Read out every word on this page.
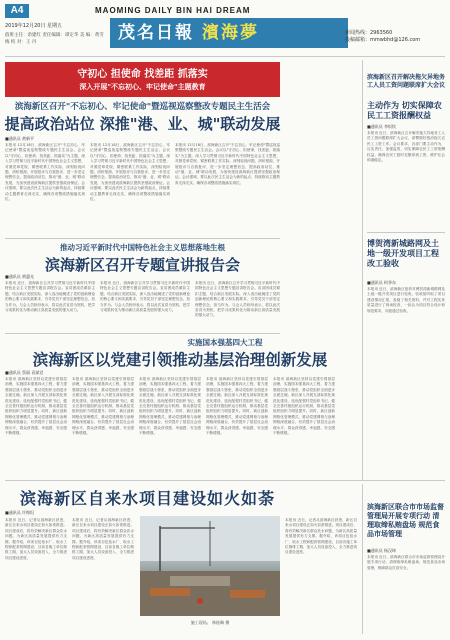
A4	MAOMING DAILY BIN HAI DREAM
茂名日報 濱海夢
2019年12月20日 星期五
值班主任：余建红 责任编辑：谭定华 美 编：黄雪梅 校 对：王 丹
新闻热线：2963560
投稿邮箱：mmwbhd@126.com
守初心 担使命 找差距 抓落实
深入开展"不忘初心、牢记使命"主题教育
滨海新区召开"不忘初心、牢记使命"暨巡视巡察整改专题民主生活会
提高政治站位 深推"港、业、城"联动发展
■通讯员 黄新平
本报讯 12月18日，滨海新区召开"不忘初心、牢记使命"暨巡视巡察整改专题民主生活会。会议以"守初心、担使命，找差距、抓落实"为主题，深入学习贯彻习近平新时代中国特色社会主义思想，对照党章党规，紧密联系工作实际，深刻检视问题，剖析根源，开展批评与自我批评，进一步坚定理想信念，提高政治站位，推动"港、业、城"联动发展，为加快建设滨海新区提供坚强政治保证。会议强调，要以此次民主生活会为新的起点，持续推动主题教育走深走实，确保各项整改措施落实到位。
本报讯 12月18日，滨海新区召开"不忘初心、牢记使命"暨巡视巡察整改专题民主生活会。会议以"守初心、担使命，找差距、抓落实"为主题，深入学习贯彻习近平新时代中国特色社会主义思想，对照党章党规，紧密联系工作实际，深刻检视问题，剖析根源，开展批评与自我批评，进一步坚定理想信念，提高政治站位，推动"港、业、城"联动发展，为加快建设滨海新区提供坚强政治保证。会议强调，要以此次民主生活会为新的起点，持续推动主题教育走深走实，确保各项整改措施落实到位。
本报讯 12月18日，滨海新区召开"不忘初心、牢记使命"暨巡视巡察整改专题民主生活会。会议以"守初心、担使命，找差距、抓落实"为主题，深入学习贯彻习近平新时代中国特色社会主义思想，对照党章党规，紧密联系工作实际，深刻检视问题，剖析根源，开展批评与自我批评，进一步坚定理想信念，提高政治站位，推动"港、业、城"联动发展，为加快建设滨海新区提供坚强政治保证。会议强调，要以此次民主生活会为新的起点，持续推动主题教育走深走实，确保各项整改措施落实到位。
推动习近平新时代中国特色社会主义思想落地生根
滨海新区召开专题宣讲报告会
■通讯员 黄惠光
本报讯 近日，滨海新区召开学习贯彻习近平新时代中国特色社会主义思想专题宣讲报告会。宣讲团成员紧扣主题，结合新区发展实际，深入浅出地阐述了党的创新理论的核心要义和实践要求，引导党员干部坚定理想信念，担当作为。与会人员纷纷表示，将以此次宣讲为契机，把学习成果转化为推动新区高质量发展的强大动力。
本报讯 近日，滨海新区召开学习贯彻习近平新时代中国特色社会主义思想专题宣讲报告会。宣讲团成员紧扣主题，结合新区发展实际，深入浅出地阐述了党的创新理论的核心要义和实践要求，引导党员干部坚定理想信念，担当作为。与会人员纷纷表示，将以此次宣讲为契机，把学习成果转化为推动新区高质量发展的强大动力。
本报讯 近日，滨海新区召开学习贯彻习近平新时代中国特色社会主义思想专题宣讲报告会。宣讲团成员紧扣主题，结合新区发展实际，深入浅出地阐述了党的创新理论的核心要义和实践要求，引导党员干部坚定理想信念，担当作为。与会人员纷纷表示，将以此次宣讲为契机，把学习成果转化为推动新区高质量发展的强大动力。
实施国本强基四大工程
滨海新区以党建引领推动基层治理创新发展
■通讯员 蔡丽 袁斌君
本报讯 滨海新区坚持以党建引领基层治理，实施国本强基四大工程，着力建强基层战斗堡垒，推动党组织全面进步全面过硬。新区深入开展支部标准化规范化建设，选优配强村党组织书记，健全完善村级组织运行机制，推动基层党组织组织力明显提升。同时，新区创新网格化管理模式，推动党建网格与治理网格深度融合，有效提升了基层社会治理水平，群众获得感、幸福感、安全感不断增强。
本报讯 滨海新区坚持以党建引领基层治理，实施国本强基四大工程，着力建强基层战斗堡垒，推动党组织全面进步全面过硬。新区深入开展支部标准化规范化建设，选优配强村党组织书记，健全完善村级组织运行机制，推动基层党组织组织力明显提升。同时，新区创新网格化管理模式，推动党建网格与治理网格深度融合，有效提升了基层社会治理水平，群众获得感、幸福感、安全感不断增强。
本报讯 滨海新区坚持以党建引领基层治理，实施国本强基四大工程，着力建强基层战斗堡垒，推动党组织全面进步全面过硬。新区深入开展支部标准化规范化建设，选优配强村党组织书记，健全完善村级组织运行机制，推动基层党组织组织力明显提升。同时，新区创新网格化管理模式，推动党建网格与治理网格深度融合，有效提升了基层社会治理水平，群众获得感、幸福感、安全感不断增强。
本报讯 滨海新区坚持以党建引领基层治理，实施国本强基四大工程，着力建强基层战斗堡垒，推动党组织全面进步全面过硬。新区深入开展支部标准化规范化建设，选优配强村党组织书记，健全完善村级组织运行机制，推动基层党组织组织力明显提升。同时，新区创新网格化管理模式，推动党建网格与治理网格深度融合，有效提升了基层社会治理水平，群众获得感、幸福感、安全感不断增强。
本报讯 滨海新区坚持以党建引领基层治理，实施国本强基四大工程，着力建强基层战斗堡垒，推动党组织全面进步全面过硬。新区深入开展支部标准化规范化建设，选优配强村党组织书记，健全完善村级组织运行机制，推动基层党组织组织力明显提升。同时，新区创新网格化管理模式，推动党建网格与治理网格深度融合，有效提升了基层社会治理水平，群众获得感、幸福感、安全感不断增强。
滨海新区自来水项目建设如火如荼
■通讯员 许锦坦
本报讯 近日，记者从滨海新区获悉，新区自来水项目建设正如火如荼推进。项目建成后，将有效解决新区群众饮水问题，为新区高质量发展提供有力支撑。据介绍，该项目包括水厂、取水工程和配套管网建设，目前各施工单位倒排工期，加大人员设备投入，全力推进项目建设进度。
本报讯 近日，记者从滨海新区获悉，新区自来水项目建设正如火如荼推进。项目建成后，将有效解决新区群众饮水问题，为新区高质量发展提供有力支撑。据介绍，该项目包括水厂、取水工程和配套管网建设，目前各施工单位倒排工期，加大人员设备投入，全力推进项目建设进度。
施工现场。 林桂琳 摄
本报讯 近日，记者从滨海新区获悉，新区自来水项目建设正如火如荼推进。项目建成后，将有效解决新区群众饮水问题，为新区高质量发展提供有力支撑。据介绍，该项目包括水厂、取水工程和配套管网建设，目前各施工单位倒排工期，加大人员设备投入，全力推进项目建设进度。
滨海新区召开解决拖欠异地务工人员工资问题联席扩大会议
主动作为 切实保障农民工工资报酬权益
■通讯员 李炽钦
本报讯 近日，滨海新区召开解决拖欠异地务工人员工资问题联席扩大会议，部署做好根治拖欠农民工工资工作。会议要求，各部门要主动作为，压实责任，加强监管，切实保障农民工工资报酬权益，确保农民工按时足额拿到工资，维护社会和谐稳定。
博贺湾新城路网及土地一级开发项目工程改工验收
■通讯员 柯华东
本报讯 近日，滨海新区组织对博贺湾新城路网及土地一级开发项目进行验收。验收组听取了项目建设情况汇报，查阅了相关资料，并对工程实体质量进行了现场检查，一致认为项目符合设计和规范要求，同意通过验收。
滨海新区联合市市场监督管理局开展专项行动 清理取缔私贿盘场 规范食品市场管理
■通讯员 杨汉坤
本报讯 近日，滨海新区联合市市场监督管理局开展专项行动，清理取缔私贿盘场，规范食品市场管理，保障群众饮食安全。
